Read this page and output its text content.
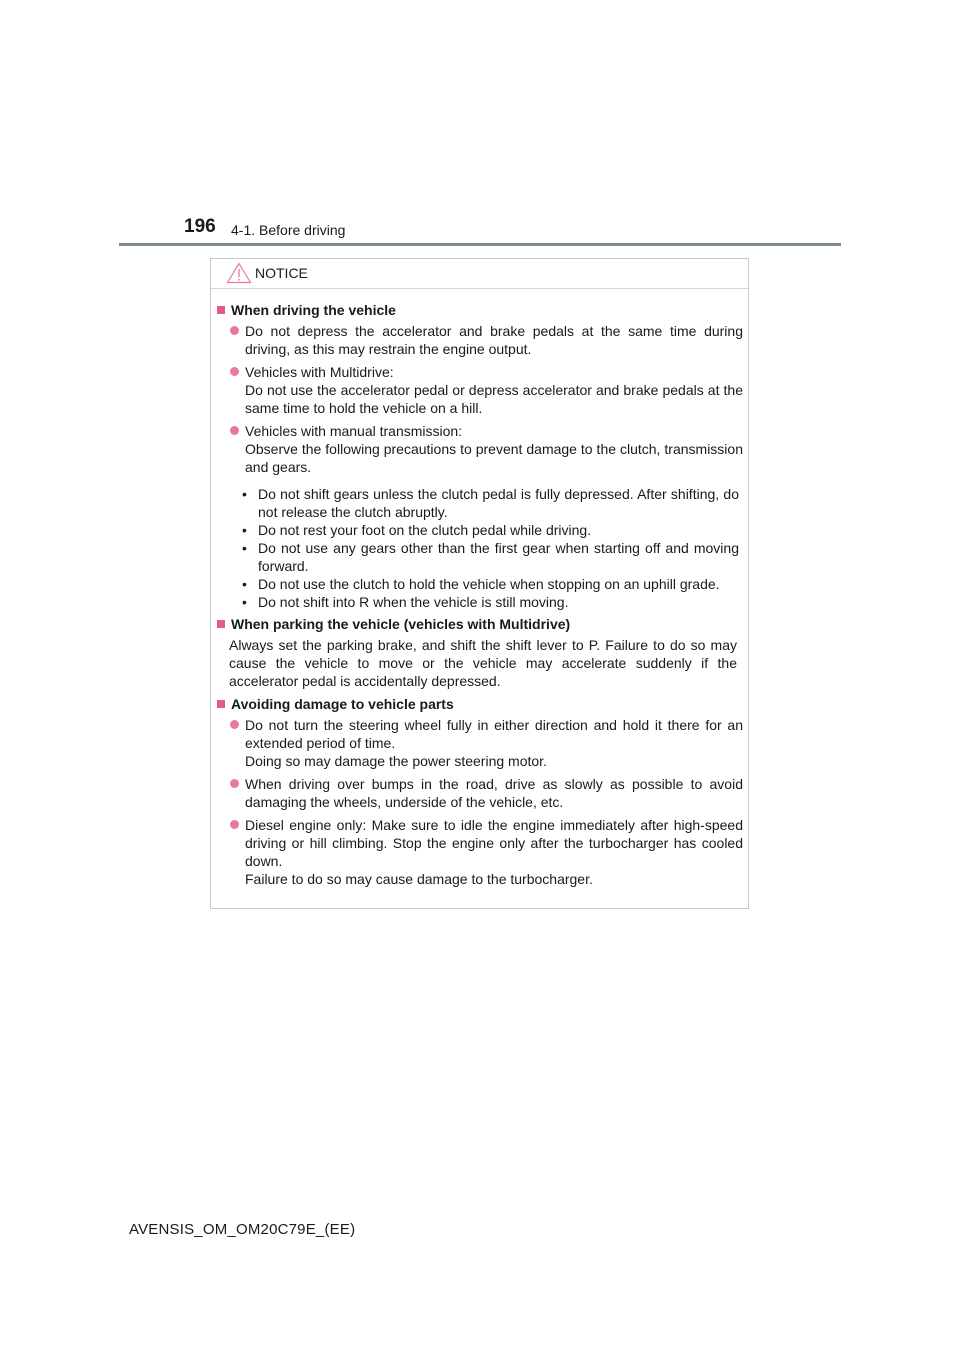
196 4-1. Before driving
NOTICE
When driving the vehicle
Do not depress the accelerator and brake pedals at the same time during driving, as this may restrain the engine output.
Vehicles with Multidrive:
Do not use the accelerator pedal or depress accelerator and brake pedals at the same time to hold the vehicle on a hill.
Vehicles with manual transmission:
Observe the following precautions to prevent damage to the clutch, transmission and gears.
• Do not shift gears unless the clutch pedal is fully depressed. After shifting, do not release the clutch abruptly.
• Do not rest your foot on the clutch pedal while driving.
• Do not use any gears other than the first gear when starting off and moving forward.
• Do not use the clutch to hold the vehicle when stopping on an uphill grade.
• Do not shift into R when the vehicle is still moving.
When parking the vehicle (vehicles with Multidrive)
Always set the parking brake, and shift the shift lever to P. Failure to do so may cause the vehicle to move or the vehicle may accelerate suddenly if the accelerator pedal is accidentally depressed.
Avoiding damage to vehicle parts
Do not turn the steering wheel fully in either direction and hold it there for an extended period of time.
Doing so may damage the power steering motor.
When driving over bumps in the road, drive as slowly as possible to avoid damaging the wheels, underside of the vehicle, etc.
Diesel engine only: Make sure to idle the engine immediately after high-speed driving or hill climbing. Stop the engine only after the turbocharger has cooled down.
Failure to do so may cause damage to the turbocharger.
AVENSIS_OM_OM20C79E_(EE)
